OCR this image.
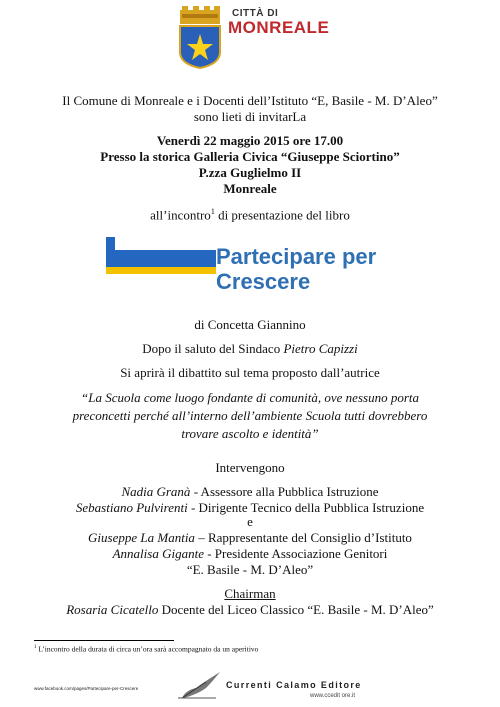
CITTÀ DI
MONREALE
Il Comune di Monreale e i Docenti dell’Istituto “E, Basile - M. D’Aleo”
sono lieti di invitarLa
Venerdì 22 maggio 2015 ore 17.00
Presso la storica Galleria Civica “Giuseppe Sciortino”
P.zza Guglielmo II
Monreale
all’incontro$^1$ di presentazione del libro
Partecipare per
Crescere
di Concetta Giannino
Dopo il saluto del Sindaco Pietro Capizzi
Si aprirà il dibattito sul tema proposto dall’autrice
“La Scuola come luogo fondante di comunità, ove nessuno porta
preconcetti perché all’interno dell’ambiente Scuola tutti dovrebbero
trovare ascolto e identità”
Intervengono
Nadia Granà - Assessore alla Pubblica Istruzione
Sebastiano Pulvirenti - Dirigente Tecnico della Pubblica Istruzione
e
Giuseppe La Mantia – Rappresentante del Consiglio d’Istituto
Annalisa Gigante - Presidente Associazione Genitori
“E. Basile - M. D’Aleo”
Chairman
Rosaria Cicatello Docente del Liceo Classico “E. Basile - M. D’Aleo”
$^1$ L’incontro della durata di circa un’ora sarà accompagnato da un aperitivo
www.facebook.com/pages/Partecipare-per-Crescere	Currenti Calamo Editore
www.ccedit ore.it
